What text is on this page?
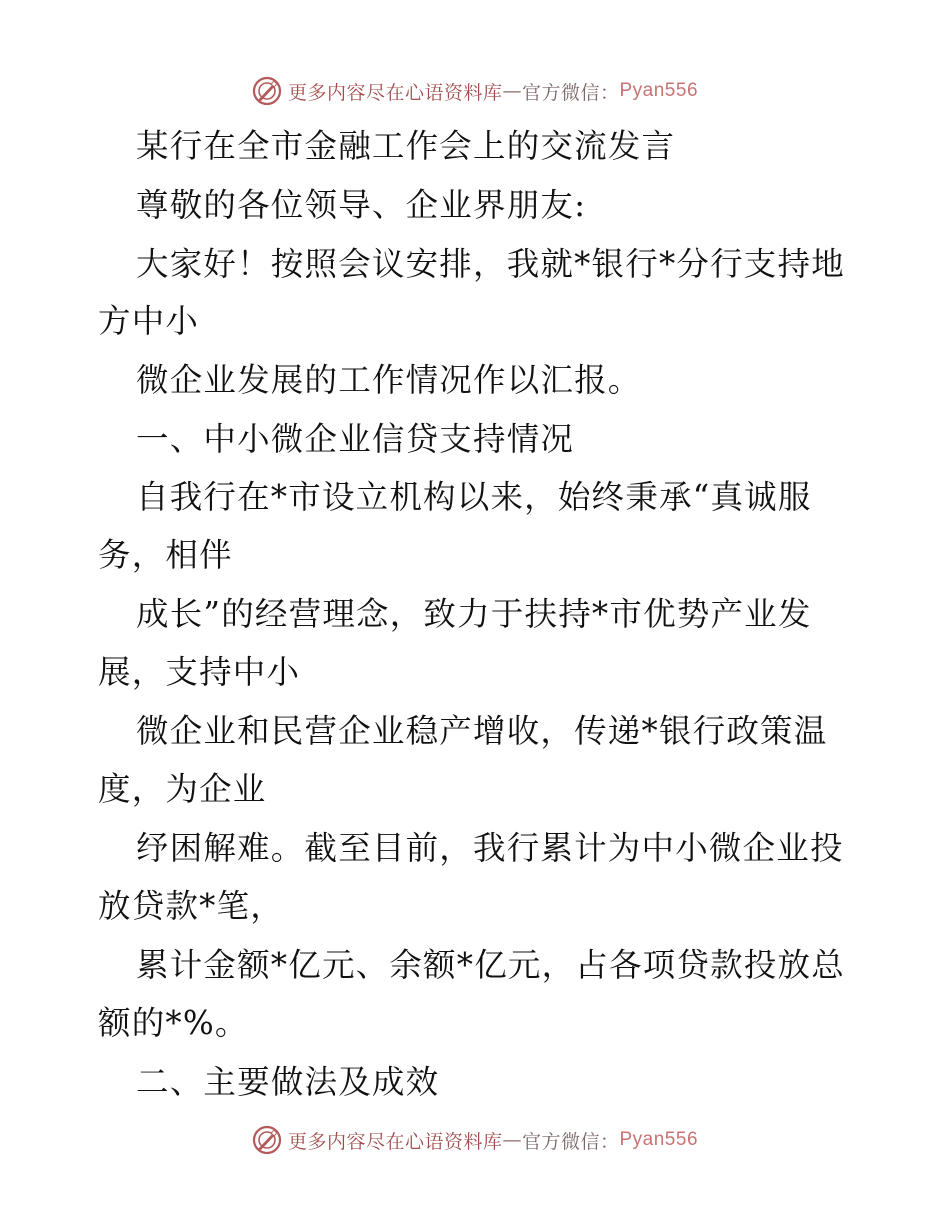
更多内容尽在心语资料库 — 官方微信： Pyan556
某行在全市金融工作会上的交流发言
尊敬的各位领导、企业界朋友:
大家好！按照会议安排，我就*银行*分行支持地
方中小
微企业发展的工作情况作以汇报。
一、中小微企业信贷支持情况
自我行在*市设立机构以来，始终秉承“真诚服
务，相伴
成长”的经营理念，致力于扶持*市优势产业发
展，支持中小
微企业和民营企业稳产增收，传递*银行政策温
度，为企业
纾困解难。截至目前，我行累计为中小微企业投
放贷款*笔，
累计金额*亿元、余额*亿元，占各项贷款投放总
额的*%。
二、主要做法及成效
更多内容尽在心语资料库 — 官方微信： Pyan556
